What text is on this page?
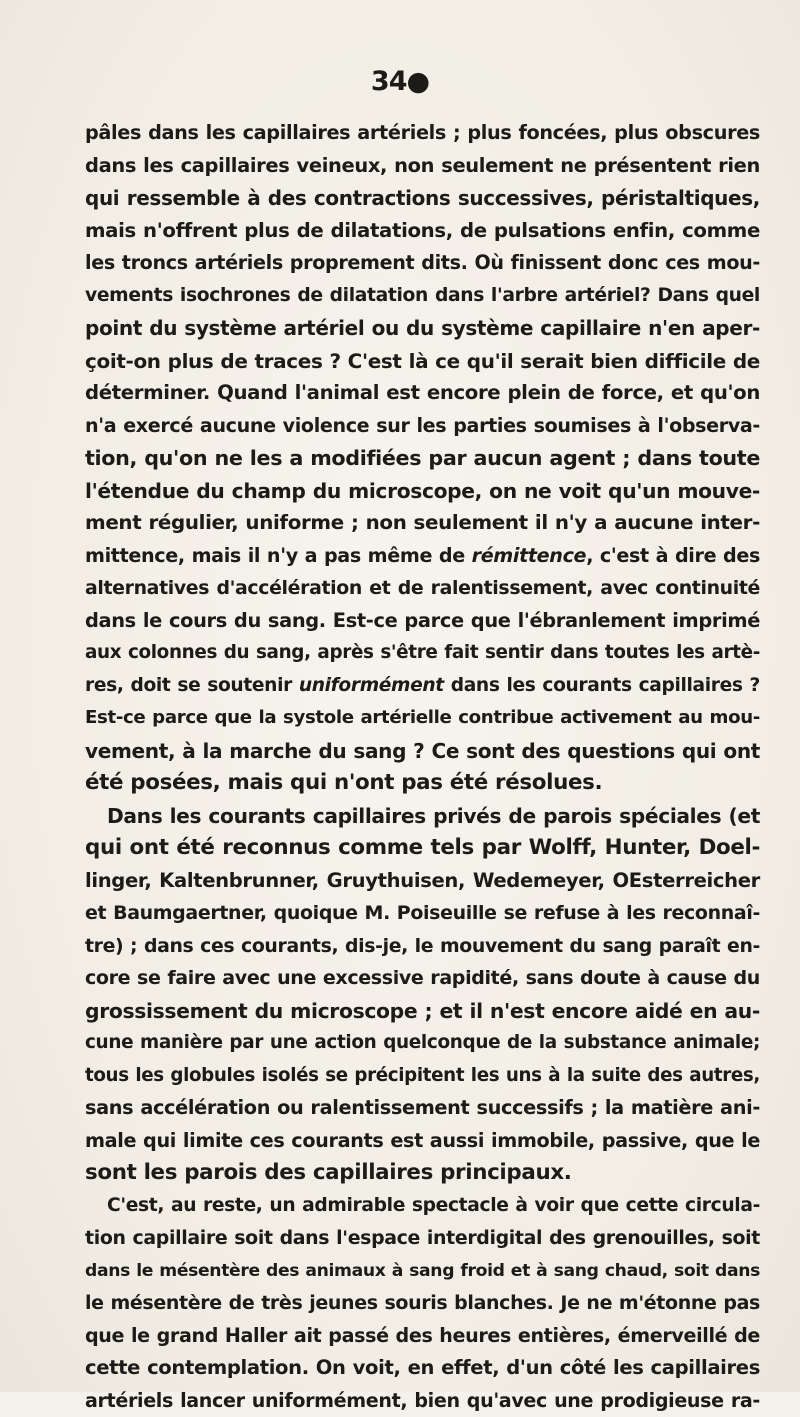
34●
pâles dans les capillaires artériels ; plus foncées, plus obscures
dans les capillaires veineux, non seulement ne présentent rien
qui ressemble à des contractions successives, péristaltiques,
mais n'offrent plus de dilatations, de pulsations enfin, comme
les troncs artériels proprement dits. Où finissent donc ces mou-
vements isochrones de dilatation dans l'arbre artériel? Dans quel
point du système artériel ou du système capillaire n'en aper-
çoit-on plus de traces ? C'est là ce qu'il serait bien difficile de
déterminer. Quand l'animal est encore plein de force, et qu'on
n'a exercé aucune violence sur les parties soumises à l'observa-
tion, qu'on ne les a modifiées par aucun agent ; dans toute
l'étendue du champ du microscope, on ne voit qu'un mouve-
ment régulier, uniforme ; non seulement il n'y a aucune inter-
mittence, mais il n'y a pas même de rémittence, c'est à dire des
alternatives d'accélération et de ralentissement, avec continuité
dans le cours du sang. Est-ce parce que l'ébranlement imprimé
aux colonnes du sang, après s'être fait sentir dans toutes les artè-
res, doit se soutenir uniformément dans les courants capillaires ?
Est-ce parce que la systole artérielle contribue activement au mou-
vement, à la marche du sang ? Ce sont des questions qui ont
été posées, mais qui n'ont pas été résolues.
Dans les courants capillaires privés de parois spéciales (et
qui ont été reconnus comme tels par Wolff, Hunter, Doel-
linger, Kaltenbrunner, Gruythuisen, Wedemeyer, OEsterreicher
et Baumgaertner, quoique M. Poiseuille se refuse à les reconnaî-
tre) ; dans ces courants, dis-je, le mouvement du sang paraît en-
core se faire avec une excessive rapidité, sans doute à cause du
grossissement du microscope ; et il n'est encore aidé en au-
cune manière par une action quelconque de la substance animale;
tous les globules isolés se précipitent les uns à la suite des autres,
sans accélération ou ralentissement successifs ; la matière ani-
male qui limite ces courants est aussi immobile, passive, que le
sont les parois des capillaires principaux.
C'est, au reste, un admirable spectacle à voir que cette circula-
tion capillaire soit dans l'espace interdigital des grenouilles, soit
dans le mésentère des animaux à sang froid et à sang chaud, soit dans
le mésentère de très jeunes souris blanches. Je ne m'étonne pas
que le grand Haller ait passé des heures entières, émerveillé de
cette contemplation. On voit, en effet, d'un côté les capillaires
artériels lancer uniformément, bien qu'avec une prodigieuse ra-
